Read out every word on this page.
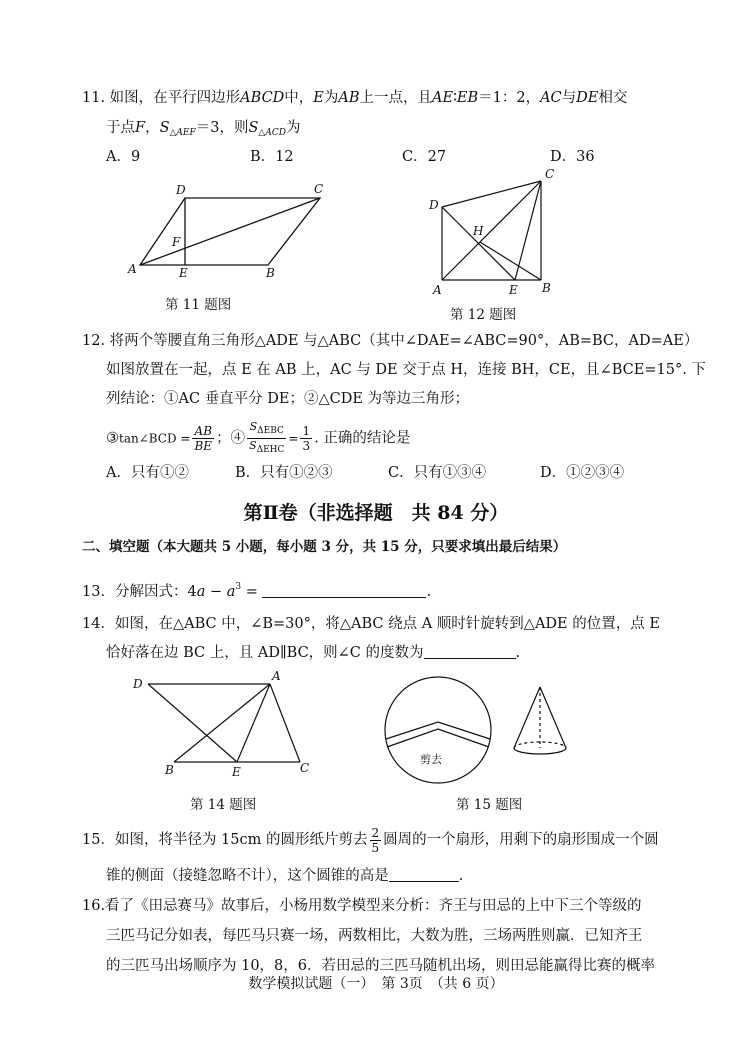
11. 如图，在平行四边形ABCD中，E为AB上一点，且AE∶EB＝1：2，AC与DE相交
于点F，$S_{\triangle AEF}=3$，则$S_{\triangle ACD}$为
A．9	B．12	C．27	D．36
A	B
C
D
E
F
第 11 题图
A	B
C
D
E
H
第 12 题图
12. 将两个等腰直角三角形△ADE 与△ABC（其中∠DAE=∠ABC=90°，AB=BC，AD=AE）
如图放置在一起，点 E 在 AB 上，AC 与 DE 交于点 H，连接 BH，CE，且∠BCE=15°. 下
列结论：①AC 垂直平分 DE；②△CDE 为等边三角形；
③tan∠BCD = $\frac{AB}{BE}$ ；④ $\frac{S_{\Delta EBC}}{S_{\Delta EHC}} = \frac{1}{3}$ . 正确的结论是
A．只有①②	B．只有①②③	C．只有①③④	D．①②③④
第Ⅱ卷（非选择题　共 84 分）
二、填空题（本大题共 5 小题，每小题 3 分，共 15 分，只要求填出最后结果）
13．分解因式：$4a - a^3$ =	.
14．如图，在△ABC 中，∠B=30°，将△ABC 绕点 A 顺时针旋转到△ADE 的位置，点 E
恰好落在边 BC 上，且 AD∥BC，则∠C 的度数为	.
D
A
B	E	C
第 14 题图
剪去
第 15 题图
15．如图，将半径为 15cm 的圆形纸片剪去 $\frac{2}{5}$ 圆周的一个扇形，用剩下的扇形围成一个圆
锥的侧面（接缝忽略不计），这个圆锥的高是	.
16.看了《田忌赛马》故事后，小杨用数学模型来分析：齐王与田忌的上中下三个等级的
三匹马记分如表，每匹马只赛一场，两数相比，大数为胜，三场两胜则赢．已知齐王
的三匹马出场顺序为 10，8，6．若田忌的三匹马随机出场，则田忌能赢得比赛的概率
数学模拟试题（一）　第 3页　（共 6 页）
